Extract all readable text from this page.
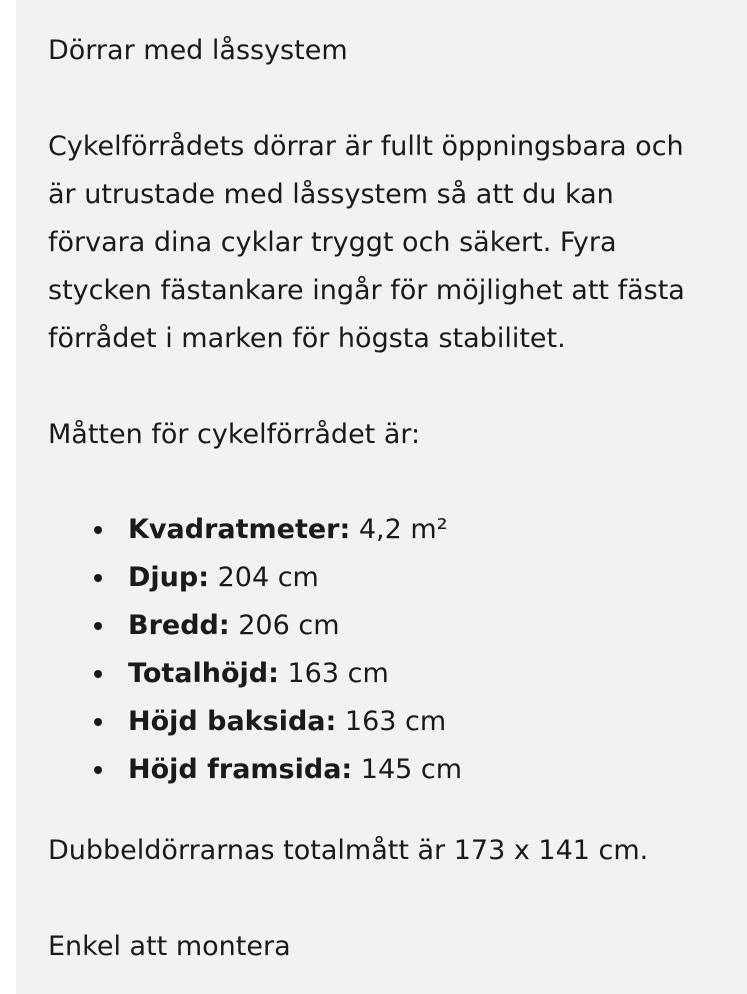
Dörrar med låssystem

Cykelförrådets dörrar är fullt öppningsbara och är utrustade med låssystem så att du kan förvara dina cyklar tryggt och säkert. Fyra stycken fästankare ingår för möjlighet att fästa förrådet i marken för högsta stabilitet.

Måtten för cykelförrådet är:

Kvadratmeter: 4,2 m²
Djup: 204 cm
Bredd: 206 cm
Totalhöjd: 163 cm
Höjd baksida: 163 cm
Höjd framsida: 145 cm

Dubbeldörrarnas totalmått är 173 x 141 cm.

Enkel att montera
